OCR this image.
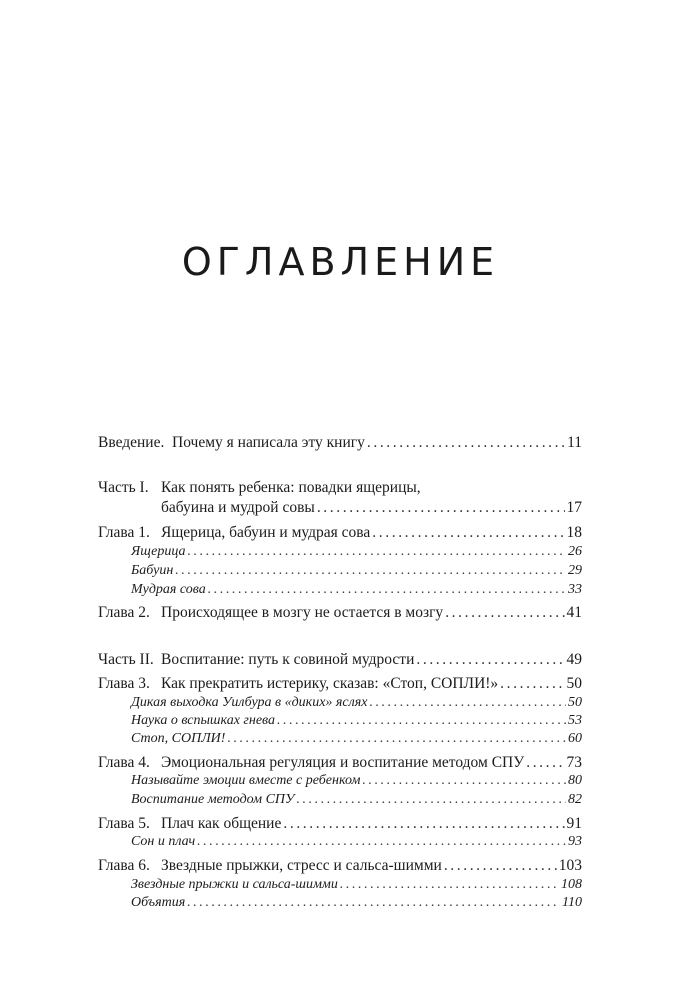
ОГЛАВЛЕНИЕ
Введение. Почему я написала эту книгу .....	11
Часть I. Как понять ребенка: повадки ящерицы,
бабуина и мудрой совы .....	17
Глава 1. Ящерица, бабуин и мудрая сова .....	18
Ящерица .....	26
Бабуин .....	29
Мудрая сова .....	33
Глава 2. Происходящее в мозгу не остается в мозгу .....	41
Часть II. Воспитание: путь к совиной мудрости .....	49
Глава 3. Как прекратить истерику, сказав: «Стоп, СОПЛИ!» .....	50
Дикая выходка Уилбура в «диких» яслях .....	50
Наука о вспышках гнева .....	53
Стоп, СОПЛИ! .....	60
Глава 4. Эмоциональная регуляция и воспитание методом СПУ .....	73
Называйте эмоции вместе с ребенком .....	80
Воспитание методом СПУ .....	82
Глава 5. Плач как общение .....	91
Сон и плач .....	93
Глава 6. Звездные прыжки, стресс и сальса-шимми .....	103
Звездные прыжки и сальса-шимми .....	108
Объятия .....	110
